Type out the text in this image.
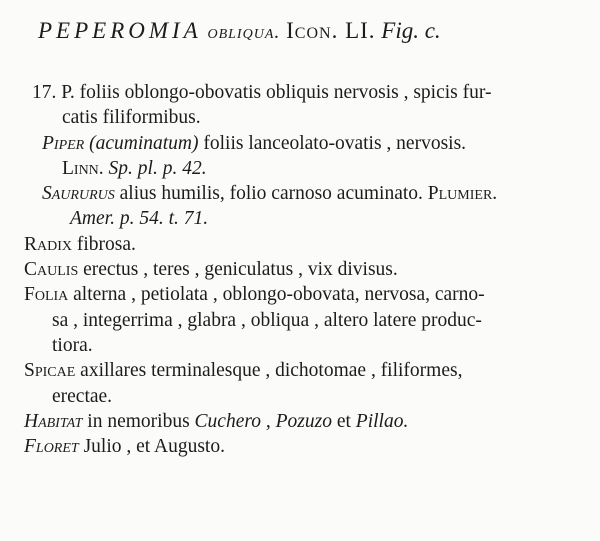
PEPEROMIA obliqua. Icon. LI. Fig. c.

17. P. foliis oblongo-obovatis obliquis nervosis , spicis fur-

catis filiformibus.

Piper (acuminatum) foliis lanceolato-ovatis , nervosis.

Linn. Sp. pl. p. 42.

Saururus alius humilis, folio carnoso acuminato. Plumier.

Amer. p. 54. t. 71.

Radix fibrosa.

Caulis erectus , teres , geniculatus , vix divisus.

Folia alterna , petiolata , oblongo-obovata, nervosa, carno-

sa , integerrima , glabra , obliqua , altero latere produc-

tiora.

Spicae axillares terminalesque , dichotomae , filiformes,

erectae.

Habitat in nemoribus Cuchero , Pozuzo et Pillao.

Floret Julio , et Augusto.
